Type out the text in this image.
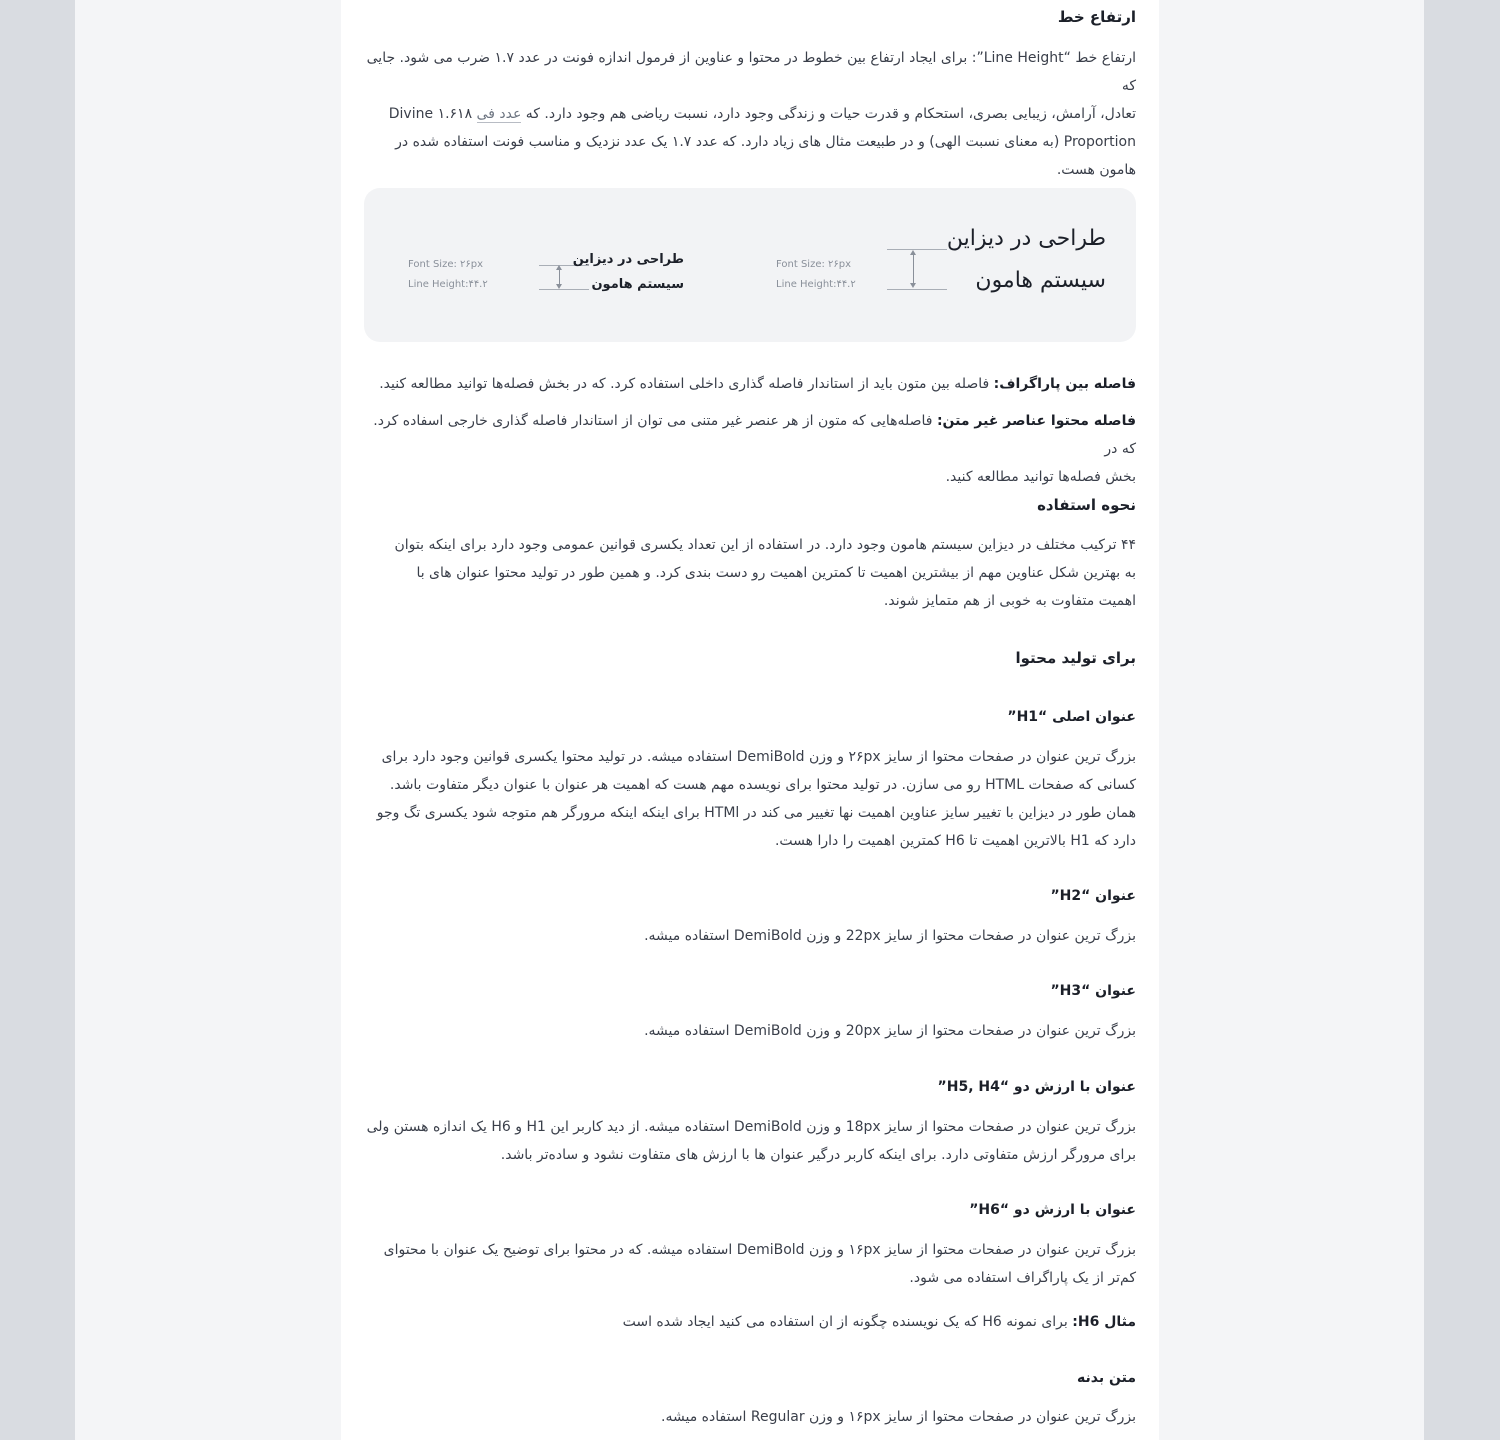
ارتفاع خط

ارتفاع خط “Line Height”: برای ایجاد ارتفاع بین خطوط در محتوا و عناوین از فرمول اندازه فونت در عدد ۱.۷ ضرب می شود. جایی که

تعادل، آرامش، زیبایی بصری، استحکام و قدرت حیات و زندگی وجود دارد، نسبت ریاضی هم وجود دارد. که عدد فی ۱.۶۱۸ Divine

Proportion (به معنای نسبت الهی) و در طبیعت مثال های زیاد دارد. که عدد ۱.۷ یک عدد نزدیک و مناسب فونت استفاده شده در

هامون هست.

طراحی در دیزاین
سیستم هامون
Font Size: ۲۶px
Line Height:۴۴.۲
طراحی در دیزاین
سیستم هامون
Font Size: ۲۶px
Line Height:۴۴.۲

فاصله بین پاراگراف: فاصله بین متون باید از استاندار فاصله گذاری داخلی استفاده کرد. که در بخش فصله‌ها توانید مطالعه کنید.

فاصله محتوا عناصر غیر متن: فاصله‌هایی که متون از هر عنصر غیر متنی می توان از استاندار فاصله گذاری خارجی اسفاده کرد. که در

بخش فصله‌ها توانید مطالعه کنید.

نحوه استفاده

۴۴ ترکیب مختلف در دیزاین سیستم هامون وجود دارد. در استفاده از این تعداد یکسری قوانین عمومی وجود دارد برای اینکه بتوان

به بهترین شکل عناوین مهم از بیشترین اهمیت تا کمترین اهمیت رو دست بندی کرد. و همین طور در تولید محتوا عنوان های با

اهمیت متفاوت به خوبی از هم متمایز شوند.

برای تولید محتوا
عنوان اصلی “H1”

بزرگ ترین عنوان در صفحات محتوا از سایز ۲۶px و وزن DemiBold استفاده میشه. در تولید محتوا یکسری قوانین وجود دارد برای

کسانی که صفحات HTML رو می سازن. در تولید محتوا برای نویسده مهم هست که اهمیت هر عنوان با عنوان دیگر متفاوت باشد.

همان طور در دیزاین با تغییر سایز عناوین اهمیت نها تغییر می کند در HTMl برای اینکه اینکه مرورگر هم متوجه شود یکسری تگ وجو

دارد که H1 بالاترین اهمیت تا H6 کمترین اهمیت را دارا هست.

عنوان “H2”

بزرگ ترین عنوان در صفحات محتوا از سایز 22px و وزن DemiBold استفاده میشه.

عنوان “H3”

بزرگ ترین عنوان در صفحات محتوا از سایز 20px و وزن DemiBold استفاده میشه.

عنوان با ارزش دو “H5, H4”

بزرگ ترین عنوان در صفحات محتوا از سایز 18px و وزن DemiBold استفاده میشه. از دید کاربر این H1 و H6 یک اندازه هستن ولی

برای مرورگر ارزش متفاوتی دارد. برای اینکه کاربر درگیر عنوان ها با ارزش های متفاوت نشود و ساده‌تر باشد.

عنوان با ارزش دو “H6”

بزرگ ترین عنوان در صفحات محتوا از سایز ۱۶px و وزن DemiBold استفاده میشه. که در محتوا برای توضیح یک عنوان با محتوای

کم‌تر از یک پاراگراف استفاده می شود.

مثال H6: برای نمونه H6 که یک نویسنده چگونه از ان استفاده می کنید ایجاد شده است

متن بدنه

بزرگ ترین عنوان در صفحات محتوا از سایز ۱۶px و وزن Regular استفاده میشه.
